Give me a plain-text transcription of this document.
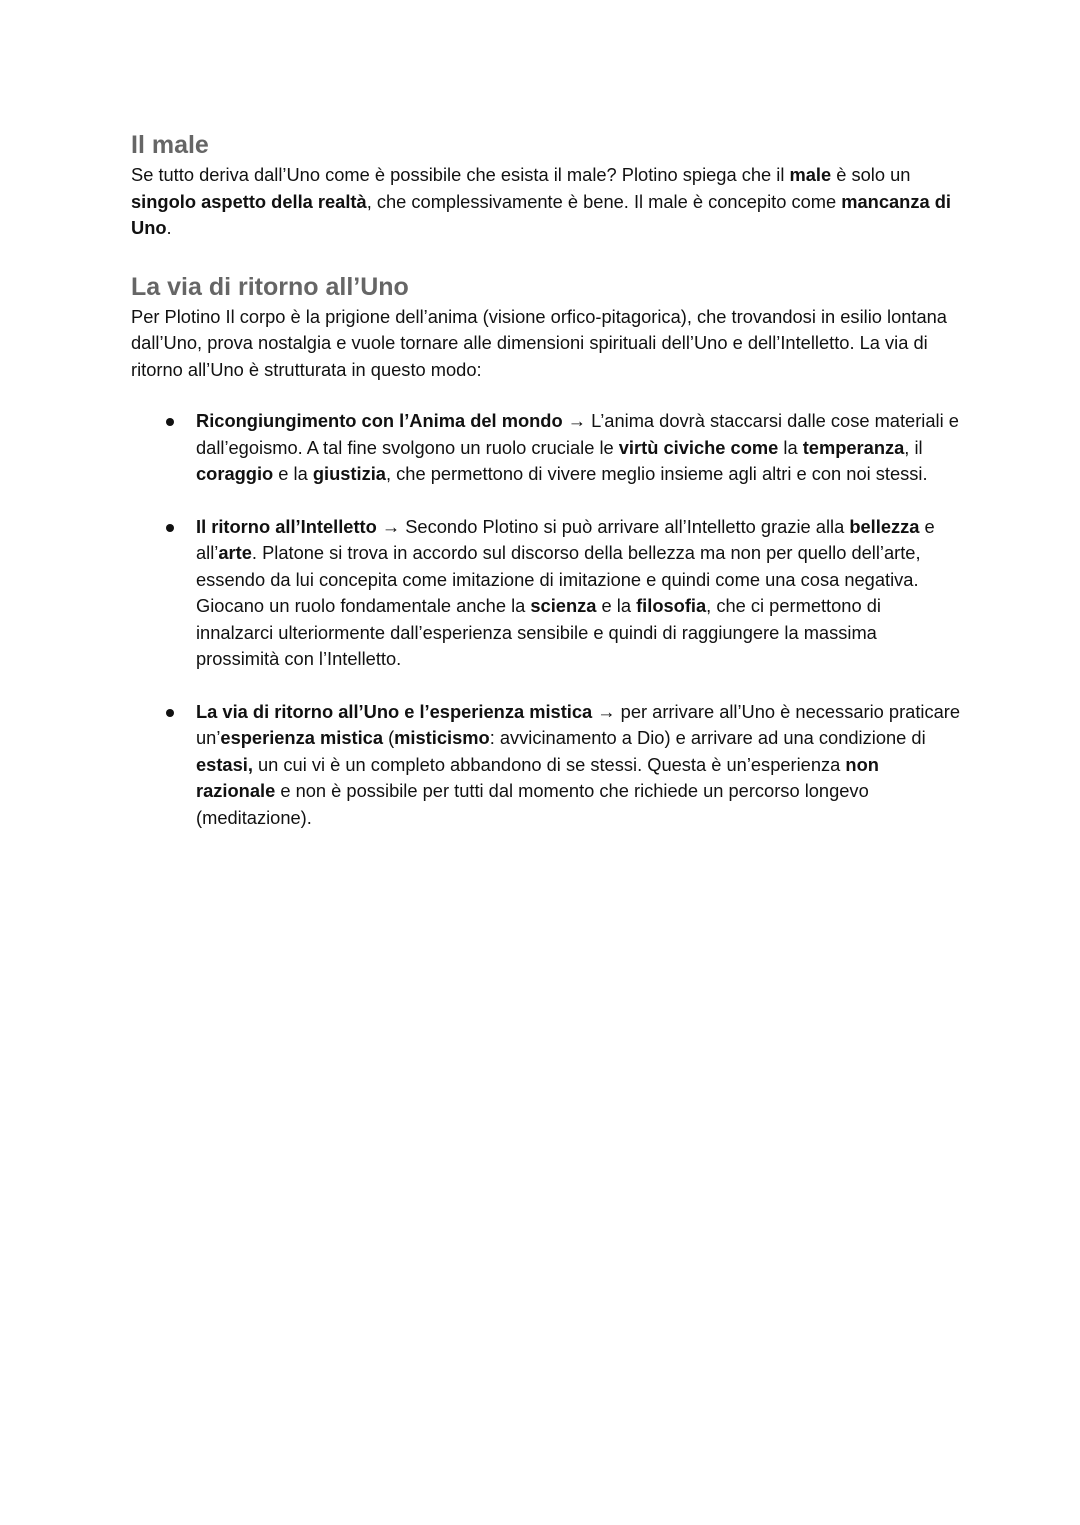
Il male

Se tutto deriva dall’Uno come è possibile che esista il male? Plotino spiega che il male è solo un singolo aspetto della realtà, che complessivamente è bene. Il male è concepito come mancanza di Uno.

La via di ritorno all’Uno

Per Plotino Il corpo è la prigione dell’anima (visione orfico-pitagorica), che trovandosi in esilio lontana dall’Uno, prova nostalgia e vuole tornare alle dimensioni spirituali dell’Uno e dell’Intelletto. La via di ritorno all’Uno è strutturata in questo modo:

Ricongiungimento con l’Anima del mondo → L’anima dovrà staccarsi dalle cose materiali e dall’egoismo. A tal fine svolgono un ruolo cruciale le virtù civiche come la temperanza, il coraggio e la giustizia, che permettono di vivere meglio insieme agli altri e con noi stessi.
Il ritorno all’Intelletto → Secondo Plotino si può arrivare all’Intelletto grazie alla bellezza e all’arte. Platone si trova in accordo sul discorso della bellezza ma non per quello dell’arte, essendo da lui concepita come imitazione di imitazione e quindi come una cosa negativa. Giocano un ruolo fondamentale anche la scienza e la filosofia, che ci permettono di innalzarci ulteriormente dall’esperienza sensibile e quindi di raggiungere la massima prossimità con l’Intelletto.
La via di ritorno all’Uno e l’esperienza mistica → per arrivare all’Uno è necessario praticare un’esperienza mistica (misticismo: avvicinamento a Dio) e arrivare ad una condizione di estasi, un cui vi è un completo abbandono di se stessi. Questa è un’esperienza non razionale e non è possibile per tutti dal momento che richiede un percorso longevo (meditazione).
